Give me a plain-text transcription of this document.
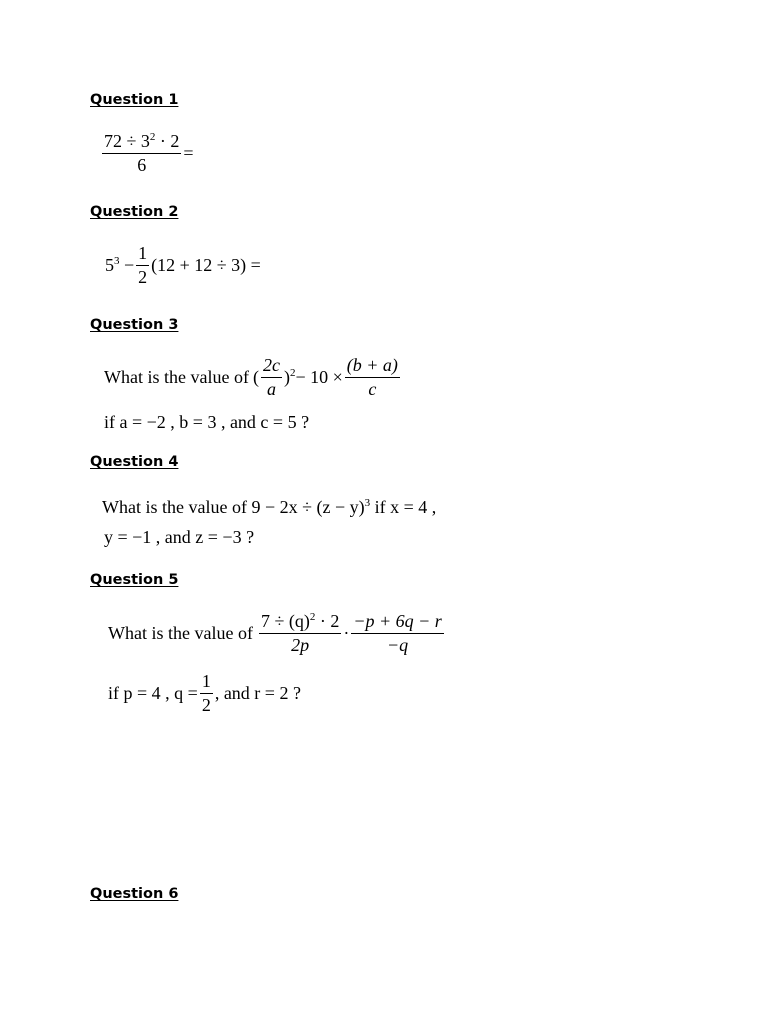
Question 1
$\frac{72 \div 3^2 \cdot 2}{6}$ =
Question 2
$5^3 - \frac{1}{2} (12 + 12 \div 3)$ =
Question 3
What is the value of ( $\frac{2c}{a} )^2 - 10 \times \frac{(b + a)}{c}$
if a = −2 , b = 3 , and c = 5 ?
Question 4
What is the value of $9 - 2x \div (z - y)^3$ if x = 4 ,
y = −1 , and z = −3 ?
Question 5
What is the value of $\frac{7 \div (q)^2 \cdot 2}{2p} \cdot \frac{-p + 6q - r}{-q}$
if p = 4 , $q = \frac{1}{2}$ , and r = 2 ?
Question 6
